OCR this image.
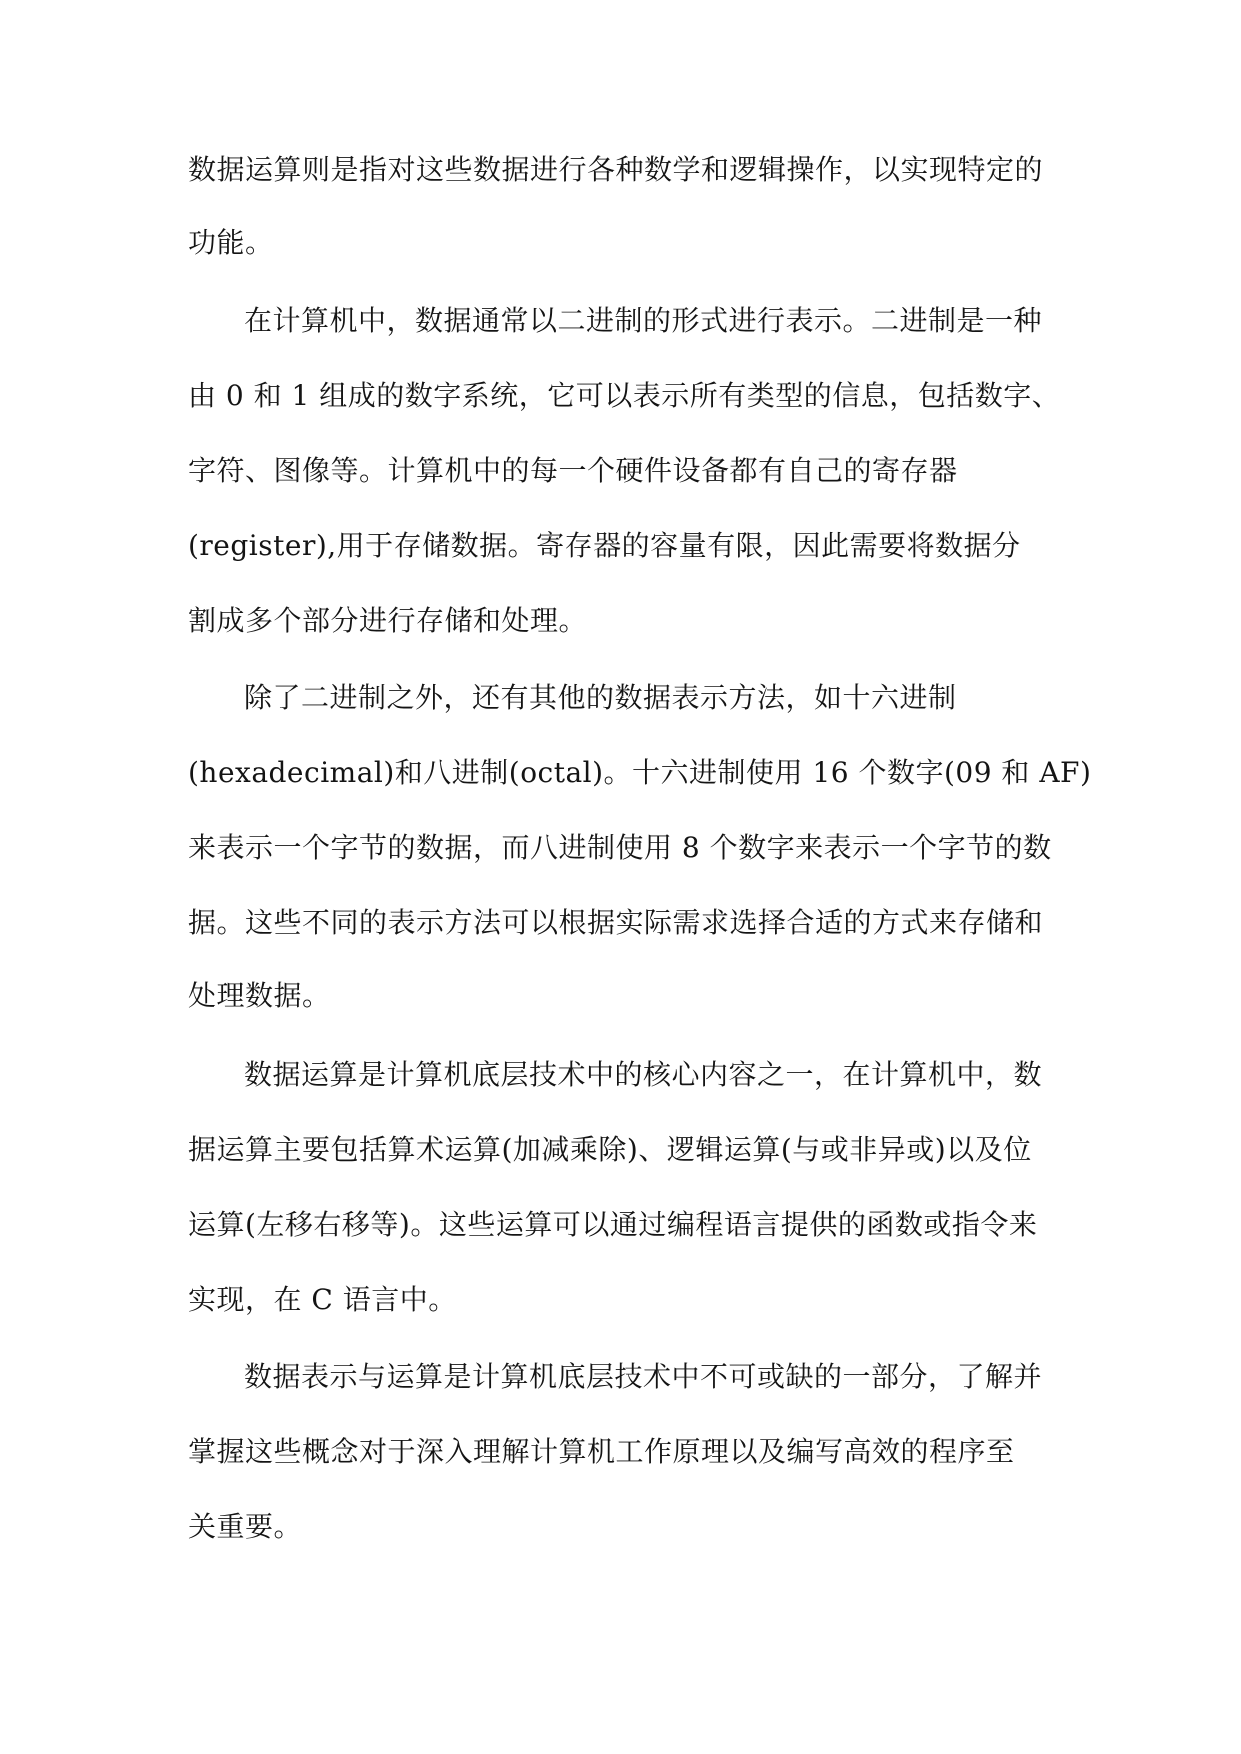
数据运算则是指对这些数据进行各种数学和逻辑操作，以实现特定的
功能。
在计算机中，数据通常以二进制的形式进行表示。二进制是一种
由 0 和 1 组成的数字系统，它可以表示所有类型的信息，包括数字、
字符、图像等。计算机中的每一个硬件设备都有自己的寄存器
(register),用于存储数据。寄存器的容量有限，因此需要将数据分
割成多个部分进行存储和处理。
除了二进制之外，还有其他的数据表示方法，如十六进制
(hexadecimal)和八进制(octal)。十六进制使用 16 个数字(09 和 AF)
来表示一个字节的数据，而八进制使用 8 个数字来表示一个字节的数
据。这些不同的表示方法可以根据实际需求选择合适的方式来存储和
处理数据。
数据运算是计算机底层技术中的核心内容之一，在计算机中，数
据运算主要包括算术运算(加减乘除)、逻辑运算(与或非异或)以及位
运算(左移右移等)。这些运算可以通过编程语言提供的函数或指令来
实现，在 C 语言中。
数据表示与运算是计算机底层技术中不可或缺的一部分，了解并
掌握这些概念对于深入理解计算机工作原理以及编写高效的程序至
关重要。
